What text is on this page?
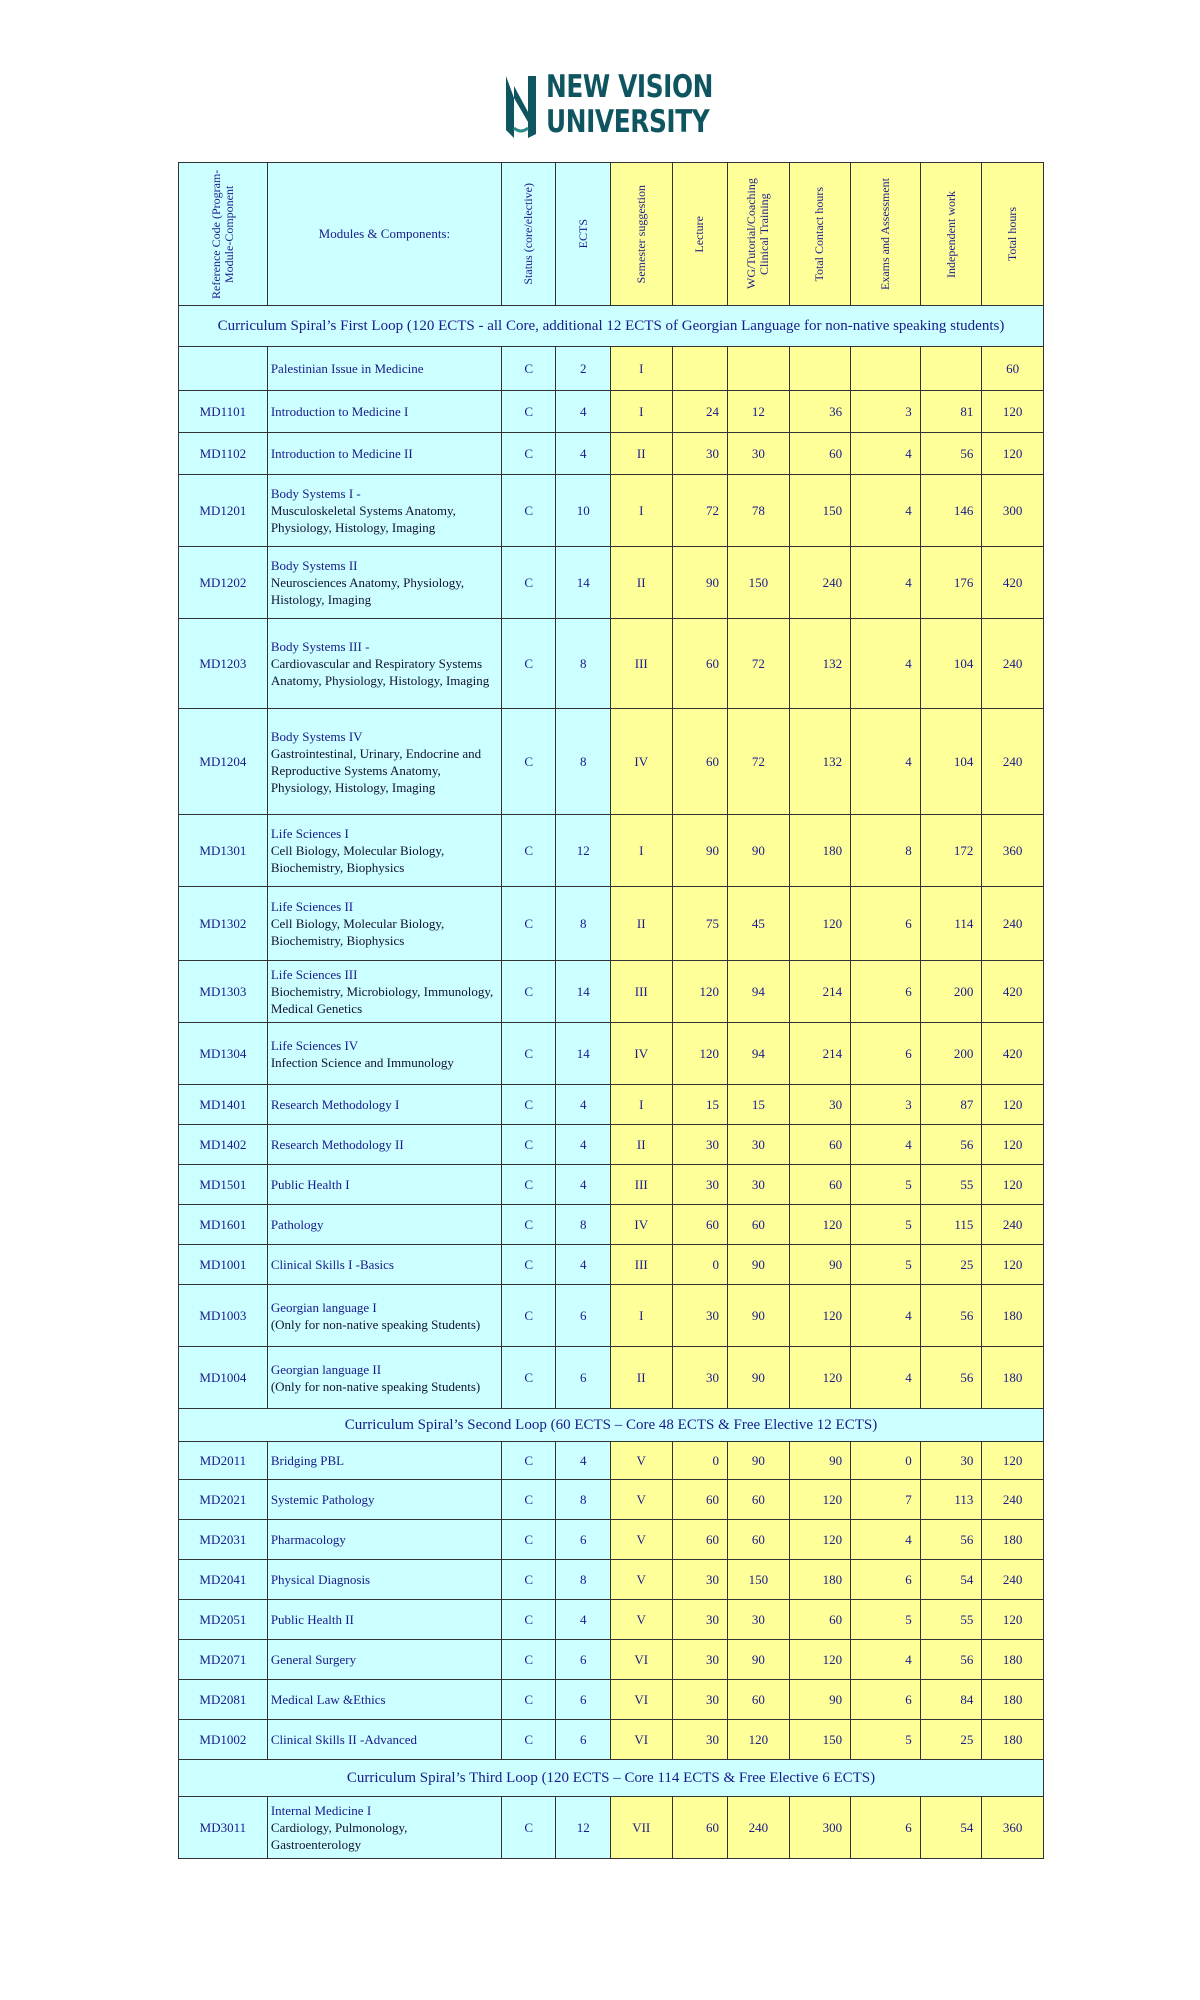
NEW VISION
UNIVERSITY
Reference Code (Program-Module-Component	Modules & Components:	Status (core/elective)	ECTS	Semester suggestion	Lecture	WG/Tutorial/Coaching Clinical Training	Total Contact hours	Exams and Assessment	Independent work	Total hours

Curriculum Spiral’s First Loop (120 ECTS - all Core, additional 12 ECTS of Georgian Language for non-native speaking students)										
	Palestinian Issue in Medicine	C	2	I						60
MD1101	Introduction to Medicine I	C	4	I	24	12	36	3	81	120
MD1102	Introduction to Medicine II	C	4	II	30	30	60	4	56	120
MD1201	Body Systems I -
Musculoskeletal Systems Anatomy, Physiology, Histology, Imaging	C	10	I	72	78	150	4	146	300
MD1202	Body Systems II
Neurosciences Anatomy, Physiology, Histology, Imaging	C	14	II	90	150	240	4	176	420
MD1203	Body Systems III -
Cardiovascular and Respiratory Systems Anatomy, Physiology, Histology, Imaging	C	8	III	60	72	132	4	104	240
MD1204	Body Systems IV
Gastrointestinal, Urinary, Endocrine and Reproductive Systems Anatomy, Physiology, Histology, Imaging	C	8	IV	60	72	132	4	104	240
MD1301	Life Sciences I
Cell Biology, Molecular Biology, Biochemistry, Biophysics	C	12	I	90	90	180	8	172	360
MD1302	Life Sciences II
Cell Biology, Molecular Biology, Biochemistry, Biophysics	C	8	II	75	45	120	6	114	240
MD1303	Life Sciences III
Biochemistry, Microbiology, Immunology, Medical Genetics	C	14	III	120	94	214	6	200	420
MD1304	Life Sciences IV
Infection Science and Immunology	C	14	IV	120	94	214	6	200	420
MD1401	Research Methodology I	C	4	I	15	15	30	3	87	120
MD1402	Research Methodology II	C	4	II	30	30	60	4	56	120
MD1501	Public Health I	C	4	III	30	30	60	5	55	120
MD1601	Pathology	C	8	IV	60	60	120	5	115	240
MD1001	Clinical Skills I -Basics	C	4	III	0	90	90	5	25	120
MD1003	Georgian language I
(Only for non-native speaking Students)	C	6	I	30	90	120	4	56	180
MD1004	Georgian language II
(Only for non-native speaking Students)	C	6	II	30	90	120	4	56	180
Curriculum Spiral’s Second Loop (60 ECTS – Core 48 ECTS & Free Elective 12 ECTS)										
MD2011	Bridging PBL	C	4	V	0	90	90	0	30	120
MD2021	Systemic Pathology	C	8	V	60	60	120	7	113	240
MD2031	Pharmacology	C	6	V	60	60	120	4	56	180
MD2041	Physical Diagnosis	C	8	V	30	150	180	6	54	240
MD2051	Public Health II	C	4	V	30	30	60	5	55	120
MD2071	General Surgery	C	6	VI	30	90	120	4	56	180
MD2081	Medical Law &Ethics	C	6	VI	30	60	90	6	84	180
MD1002	Clinical Skills II -Advanced	C	6	VI	30	120	150	5	25	180
Curriculum Spiral’s Third Loop (120 ECTS – Core 114 ECTS & Free Elective 6 ECTS)										
MD3011	Internal Medicine I
Cardiology, Pulmonology, Gastroenterology	C	12	VII	60	240	300	6	54	360
